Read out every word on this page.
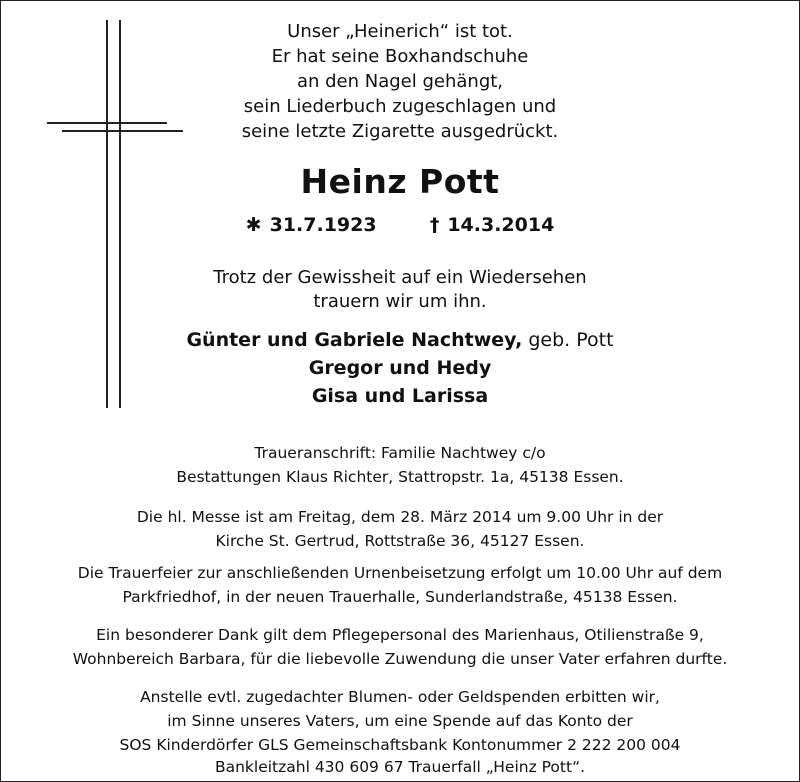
Unser „Heinerich“ ist tot.
Er hat seine Boxhandschuhe
an den Nagel gehängt,
sein Liederbuch zugeschlagen und
seine letzte Zigarette ausgedrückt.
Heinz Pott
✱ 31.7.1923	† 14.3.2014
Trotz der Gewissheit auf ein Wiedersehen
trauern wir um ihn.
Günter und Gabriele Nachtwey, geb. Pott
Gregor und Hedy
Gisa und Larissa
Traueranschrift: Familie Nachtwey c/o
Bestattungen Klaus Richter, Stattropstr. 1a, 45138 Essen.
Die hl. Messe ist am Freitag, dem 28. März 2014 um 9.00 Uhr in der
Kirche St. Gertrud, Rottstraße 36, 45127 Essen.
Die Trauerfeier zur anschließenden Urnenbeisetzung erfolgt um 10.00 Uhr auf dem
Parkfriedhof, in der neuen Trauerhalle, Sunderlandstraße, 45138 Essen.
Ein besonderer Dank gilt dem Pflegepersonal des Marienhaus, Otilienstraße 9,
Wohnbereich Barbara, für die liebevolle Zuwendung die unser Vater erfahren durfte.
Anstelle evtl. zugedachter Blumen- oder Geldspenden erbitten wir,
im Sinne unseres Vaters, um eine Spende auf das Konto der
SOS Kinderdörfer GLS Gemeinschaftsbank Kontonummer 2 222 200 004
Bankleitzahl 430 609 67 Trauerfall „Heinz Pott“.
